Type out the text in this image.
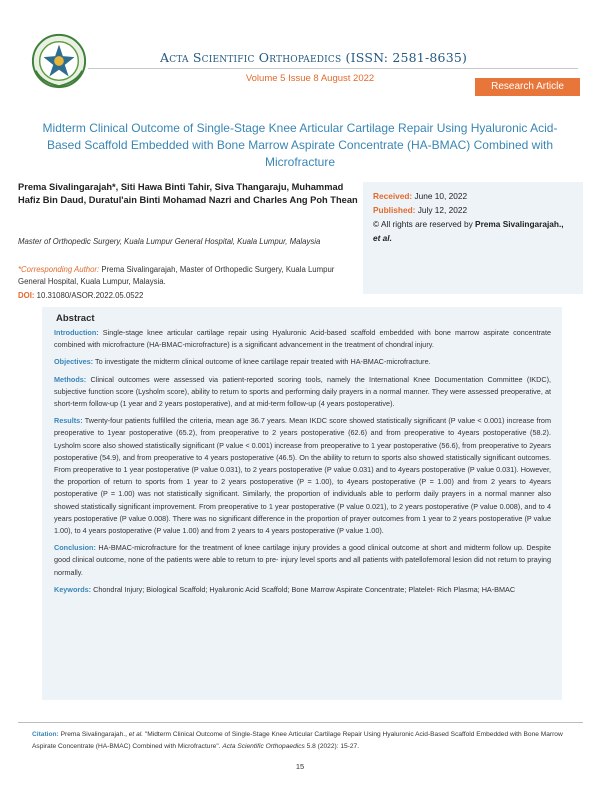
Acta Scientific Orthopaedics (ISSN: 2581-8635)
Volume 5 Issue 8 August 2022
Research Article
Midterm Clinical Outcome of Single-Stage Knee Articular Cartilage Repair Using Hyaluronic Acid-Based Scaffold Embedded with Bone Marrow Aspirate Concentrate (HA-BMAC) Combined with Microfracture
Prema Sivalingarajah*, Siti Hawa Binti Tahir, Siva Thangaraju, Muhammad Hafiz Bin Daud, Duratul'ain Binti Mohamad Nazri and Charles Ang Poh Thean
Master of Orthopedic Surgery, Kuala Lumpur General Hospital, Kuala Lumpur, Malaysia
*Corresponding Author: Prema Sivalingarajah, Master of Orthopedic Surgery, Kuala Lumpur General Hospital, Kuala Lumpur, Malaysia.
DOI: 10.31080/ASOR.2022.05.0522
Received: June 10, 2022
Published: July 12, 2022
© All rights are reserved by Prema Sivalingarajah., et al.
Abstract

Introduction: Single-stage knee articular cartilage repair using Hyaluronic Acid-based scaffold embedded with bone marrow aspirate concentrate combined with microfracture (HA-BMAC-microfracture) is a significant advancement in the treatment of chondral injury.

Objectives: To investigate the midterm clinical outcome of knee cartilage repair treated with HA-BMAC-microfracture.

Methods: Clinical outcomes were assessed via patient-reported scoring tools, namely the International Knee Documentation Committee (IKDC), subjective function score (Lysholm score), ability to return to sports and performing daily prayers in a normal manner. They were assessed preoperative, at short-term follow-up (1 year and 2 years postoperative), and at mid-term follow-up (4 years postoperative).

Results: Twenty-four patients fulfilled the criteria, mean age 36.7 years. Mean IKDC score showed statistically significant (P value < 0.001) increase from preoperative to 1year postoperative (65.2), from preoperative to 2 years postoperative (62.6) and from preoperative to 4years postoperative (58.2). Lysholm score also showed statistically significant (P value < 0.001) increase from preoperative to 1 year postoperative (56.6), from preoperative to 2years postoperative (54.9), and from preoperative to 4 years postoperative (46.5). On the ability to return to sports also showed statistically significant outcomes. From preoperative to 1 year postoperative (P value 0.031), to 2 years postoperative (P value 0.031) and to 4years postoperative (P value 0.031). However, the proportion of return to sports from 1 year to 2 years postoperative (P = 1.00), to 4years postoperative (P = 1.00) and from 2 years to 4years postoperative (P = 1.00) was not statistically significant. Similarly, the proportion of individuals able to perform daily prayers in a normal manner also showed statistically significant improvement. From preoperative to 1 year postoperative (P value 0.021), to 2 years postoperative (P value 0.008), and to 4 years postoperative (P value 0.008). There was no significant difference in the proportion of prayer outcomes from 1 year to 2 years postoperative (P value 1.00), to 4 years postoperative (P value 1.00) and from 2 years to 4 years postoperative (P value 1.00).

Conclusion: HA-BMAC-microfracture for the treatment of knee cartilage injury provides a good clinical outcome at short and midterm follow up. Despite good clinical outcome, none of the patients were able to return to pre- injury level sports and all patients with patellofemoral lesion did not return to praying normally.

Keywords: Chondral Injury; Biological Scaffold; Hyaluronic Acid Scaffold; Bone Marrow Aspirate Concentrate; Platelet- Rich Plasma; HA-BMAC

Citation: Prema Sivalingarajah., et al. "Midterm Clinical Outcome of Single-Stage Knee Articular Cartilage Repair Using Hyaluronic Acid-Based Scaffold Embedded with Bone Marrow Aspirate Concentrate (HA-BMAC) Combined with Microfracture". Acta Scientific Orthopaedics 5.8 (2022): 15-27.
15
